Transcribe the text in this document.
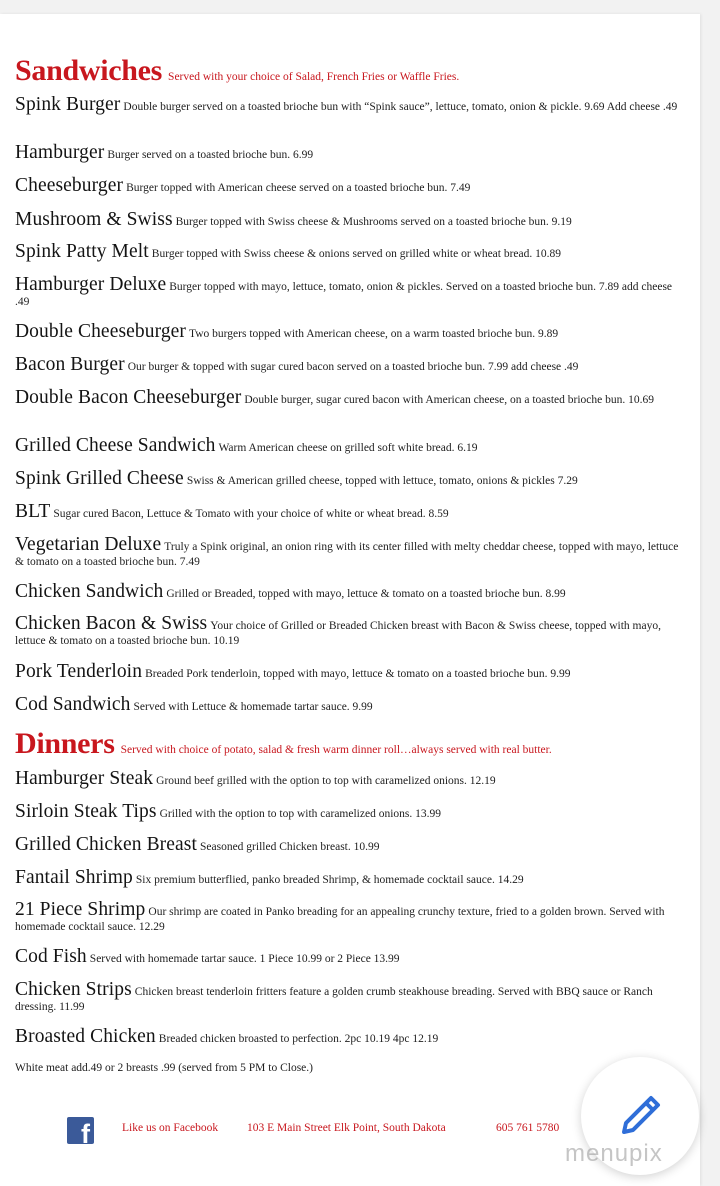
Sandwiches Served with your choice of Salad, French Fries or Waffle Fries.
Spink Burger Double burger served on a toasted brioche bun with “Spink sauce”, lettuce, tomato, onion & pickle. 9.69 Add cheese .49
Hamburger Burger served on a toasted brioche bun. 6.99
Cheeseburger Burger topped with American cheese served on a toasted brioche bun. 7.49
Mushroom & Swiss Burger topped with Swiss cheese & Mushrooms served on a toasted brioche bun. 9.19
Spink Patty Melt Burger topped with Swiss cheese & onions served on grilled white or wheat bread. 10.89
Hamburger Deluxe Burger topped with mayo, lettuce, tomato, onion & pickles. Served on a toasted brioche bun. 7.89 add cheese .49
Double Cheeseburger Two burgers topped with American cheese, on a warm toasted brioche bun. 9.89
Bacon Burger Our burger & topped with sugar cured bacon served on a toasted brioche bun. 7.99 add cheese .49
Double Bacon Cheeseburger Double burger, sugar cured bacon with American cheese, on a toasted brioche bun. 10.69
Grilled Cheese Sandwich Warm American cheese on grilled soft white bread. 6.19
Spink Grilled Cheese Swiss & American grilled cheese, topped with lettuce, tomato, onions & pickles 7.29
BLT Sugar cured Bacon, Lettuce & Tomato with your choice of white or wheat bread. 8.59
Vegetarian Deluxe Truly a Spink original, an onion ring with its center filled with melty cheddar cheese, topped with mayo, lettuce & tomato on a toasted brioche bun. 7.49
Chicken Sandwich Grilled or Breaded, topped with mayo, lettuce & tomato on a toasted brioche bun. 8.99
Chicken Bacon & Swiss Your choice of Grilled or Breaded Chicken breast with Bacon & Swiss cheese, topped with mayo, lettuce & tomato on a toasted brioche bun. 10.19
Pork Tenderloin Breaded Pork tenderloin, topped with mayo, lettuce & tomato on a toasted brioche bun. 9.99
Cod Sandwich Served with Lettuce & homemade tartar sauce. 9.99
Dinners Served with choice of potato, salad & fresh warm dinner roll…always served with real butter.
Hamburger Steak Ground beef grilled with the option to top with caramelized onions. 12.19
Sirloin Steak Tips Grilled with the option to top with caramelized onions. 13.99
Grilled Chicken Breast Seasoned grilled Chicken breast. 10.99
Fantail Shrimp Six premium butterflied, panko breaded Shrimp, & homemade cocktail sauce. 14.29
21 Piece Shrimp Our shrimp are coated in Panko breading for an appealing crunchy texture, fried to a golden brown. Served with homemade cocktail sauce. 12.29
Cod Fish Served with homemade tartar sauce. 1 Piece 10.99 or 2 Piece 13.99
Chicken Strips Chicken breast tenderloin fritters feature a golden crumb steakhouse breading. Served with BBQ sauce or Ranch dressing. 11.99
Broasted Chicken Breaded chicken broasted to perfection. 2pc 10.19 4pc 12.19
White meat add.49 or 2 breasts .99 (served from 5 PM to Close.)
f	Like us on Facebook	103 E Main Street Elk Point, South Dakota	605 761 5780
menupix
